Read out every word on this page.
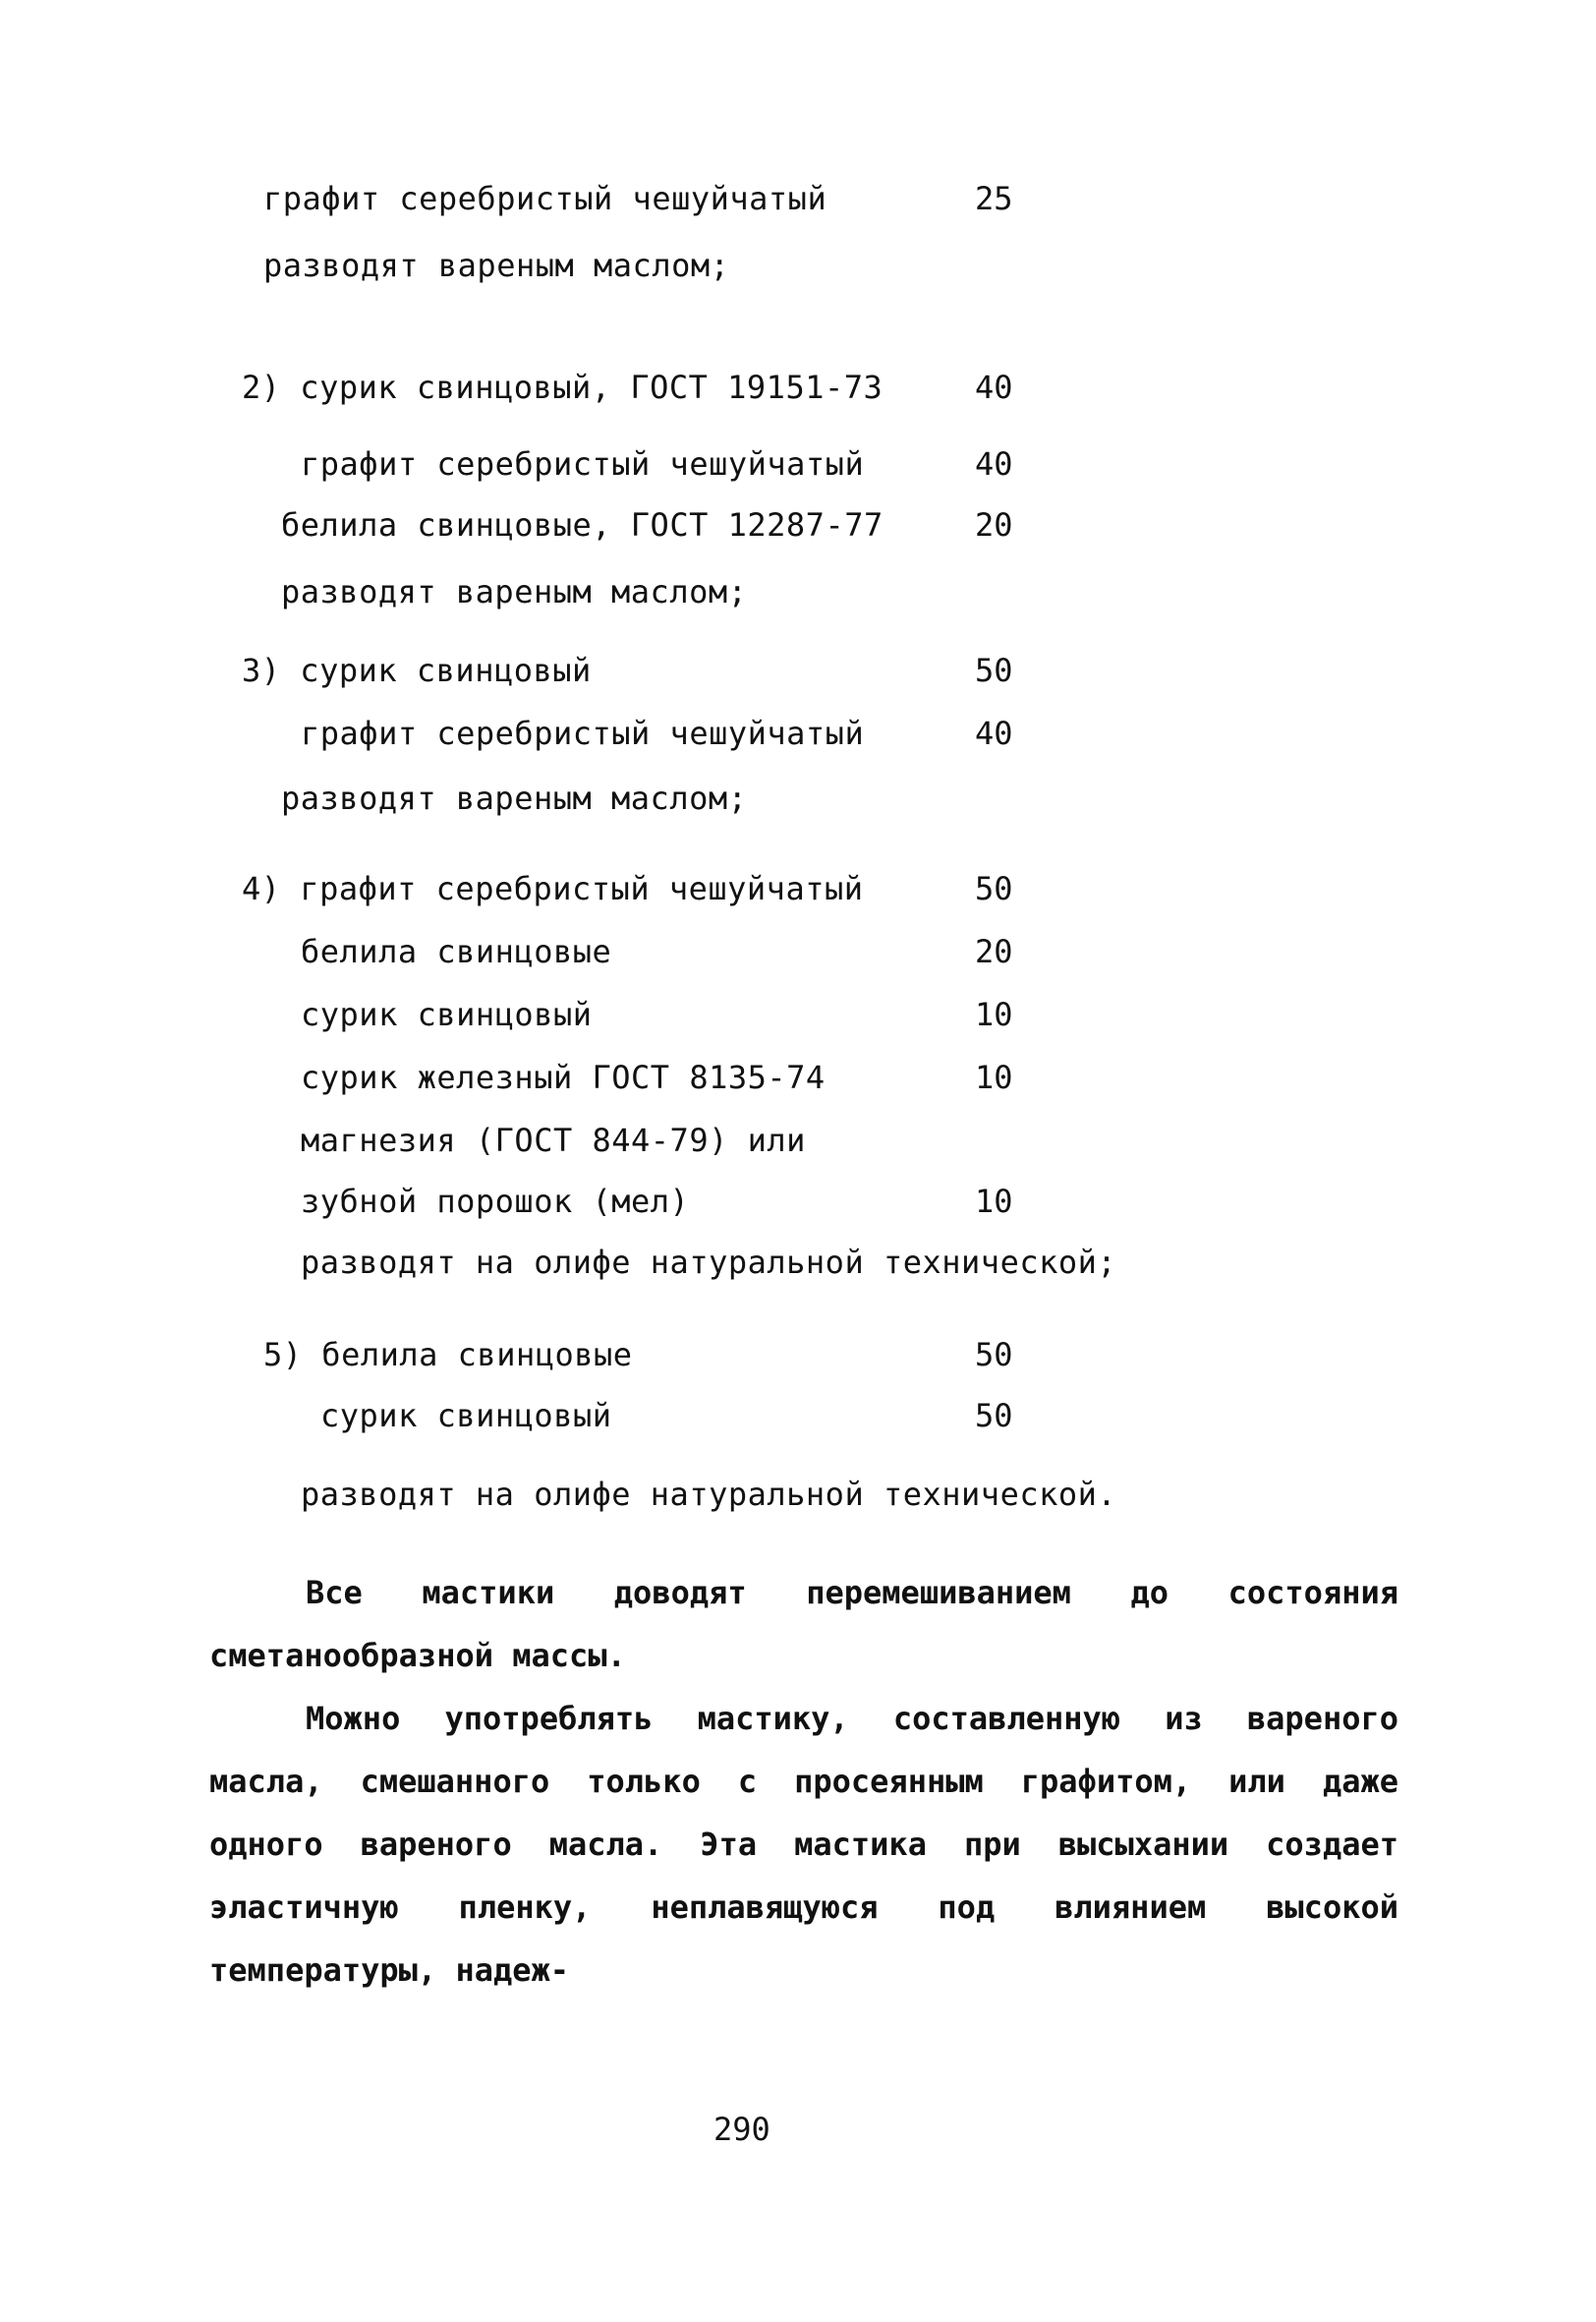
графит серебристый чешуйчатый	25
разводят вареным маслом;
2) сурик свинцовый, ГОСТ 19151-73	40
графит серебристый чешуйчатый	40
белила свинцовые, ГОСТ 12287-77	20
разводят вареным маслом;
3) сурик свинцовый	50
графит серебристый чешуйчатый	40
разводят вареным маслом;
4) графит серебристый чешуйчатый	50
белила свинцовые	20
сурик свинцовый	10
сурик железный ГОСТ 8135-74	10
магнезия (ГОСТ 844-79) или
зубной порошок (мел)	10
разводят на олифе натуральной технической;
5) белила свинцовые	50
сурик свинцовый	50
разводят на олифе натуральной технической.
Все мастики доводят перемешиванием до состояния сметанообразной массы.
Можно употреблять мастику, составленную из вареного масла, смешанного только с просеянным графитом, или даже одного вареного масла. Эта мастика при высыхании создает эластичную пленку, неплавящуюся под влиянием высокой температуры, надеж-
290
